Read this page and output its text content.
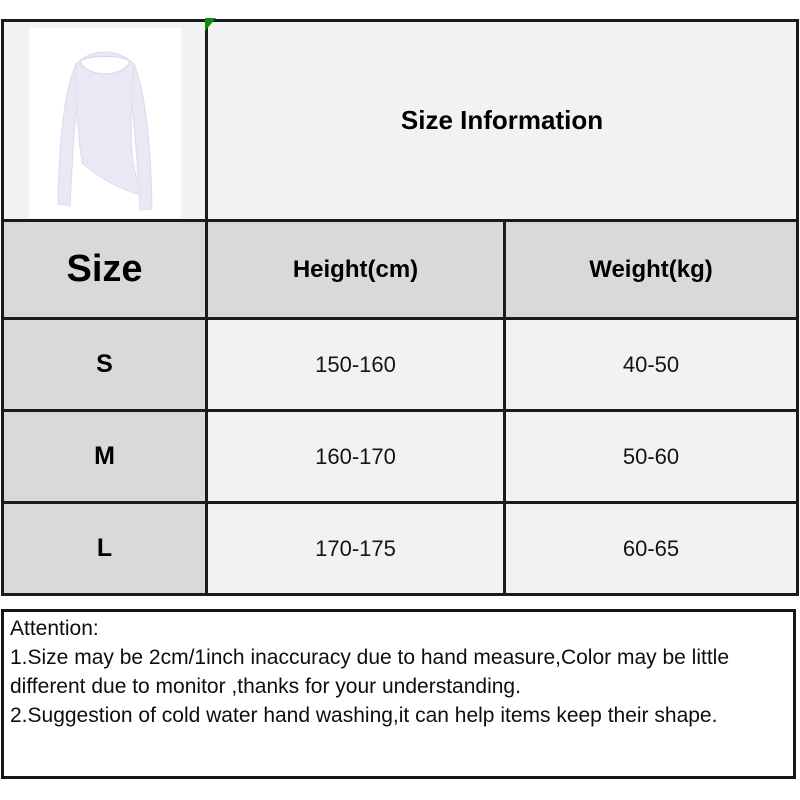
	Size Information	
Size	Height(cm)	Weight(kg)
S	150-160	40-50
M	160-170	50-60
L	170-175	60-65
Attention:
1.Size may be 2cm/1inch inaccuracy due to hand measure,Color may be little different due to monitor ,thanks for your understanding.
2.Suggestion of cold water hand washing,it can help items keep their shape.
